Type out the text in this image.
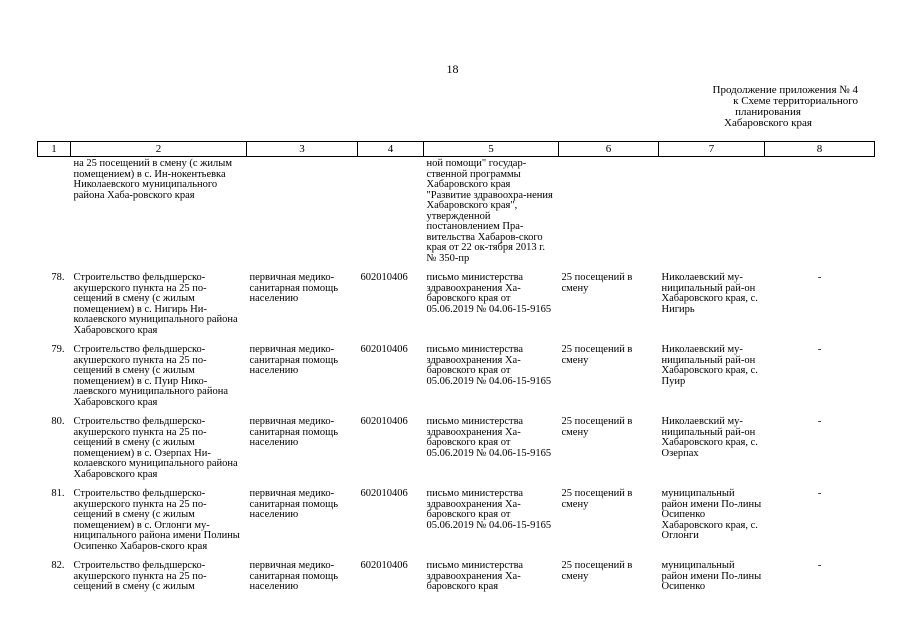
18
Продолжение приложения № 4
к Схеме территориального
планирования
Хабаровского края
1	2	3	4	5	6	7	8
	на 25 посещений в смену (с жилым помещением) в с. Ин-нокентьевка Николаевского муниципального района Хаба-ровского края			ной помощи" государ-ственной программы Хабаровского края "Развитие здравоохра-нения Хабаровского края", утвержденной постановлением Пра-вительства Хабаров-ского края от 22 ок-тября 2013 г. № 350-пр			
78.	Строительство фельдшерско-акушерского пункта на 25 по-сещений в смену (с жилым помещением) в с. Нигирь Ни-колаевского муниципального района Хабаровского края	первичная медико-санитарная помощь населению	602010406	письмо министерства здравоохранения Ха-баровского края от 05.06.2019 № 04.06-15-9165	25 посещений в смену	Николаевский му-ниципальный рай-он Хабаровского края, с. Нигирь	-
79.	Строительство фельдшерско-акушерского пункта на 25 по-сещений в смену (с жилым помещением) в с. Пуир Нико-лаевского муниципального района Хабаровского края	первичная медико-санитарная помощь населению	602010406	письмо министерства здравоохранения Ха-баровского края от 05.06.2019 № 04.06-15-9165	25 посещений в смену	Николаевский му-ниципальный рай-он Хабаровского края, с. Пуир	-
80.	Строительство фельдшерско-акушерского пункта на 25 по-сещений в смену (с жилым помещением) в с. Озерпах Ни-колаевского муниципального района Хабаровского края	первичная медико-санитарная помощь населению	602010406	письмо министерства здравоохранения Ха-баровского края от 05.06.2019 № 04.06-15-9165	25 посещений в смену	Николаевский му-ниципальный рай-он Хабаровского края, с. Озерпах	-
81.	Строительство фельдшерско-акушерского пункта на 25 по-сещений в смену (с жилым помещением) в с. Оглонги му-ниципального района имени Полины Осипенко Хабаров-ского края	первичная медико-санитарная помощь населению	602010406	письмо министерства здравоохранения Ха-баровского края от 05.06.2019 № 04.06-15-9165	25 посещений в смену	муниципальный район имени По-лины Осипенко Хабаровского края, с. Оглонги	-
82.	Строительство фельдшерско-акушерского пункта на 25 по-сещений в смену (с жилым	первичная медико-санитарная помощь населению	602010406	письмо министерства здравоохранения Ха-баровского края	25 посещений в смену	муниципальный район имени По-лины Осипенко	-
